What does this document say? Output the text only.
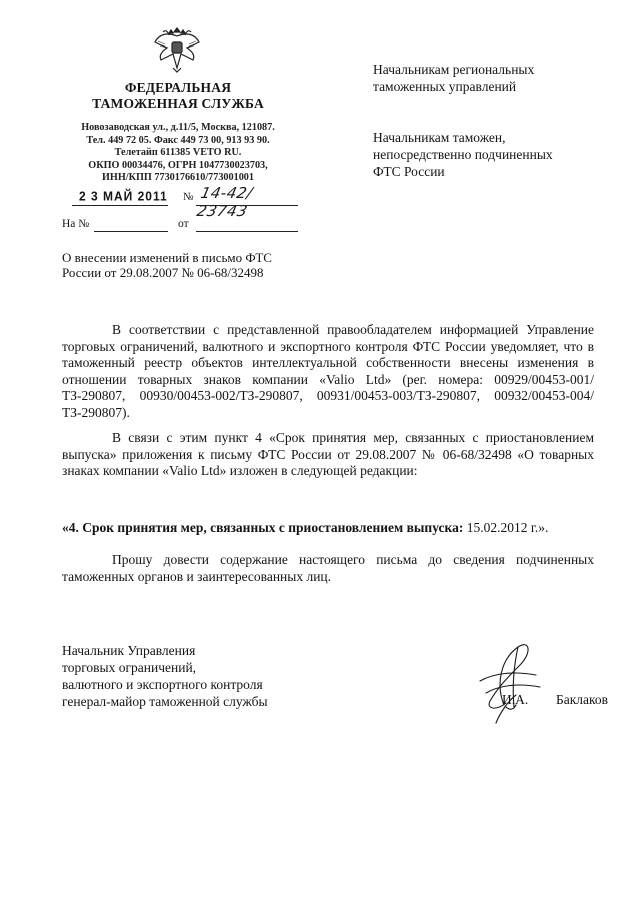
ФЕДЕРАЛЬНАЯ
ТАМОЖЕННАЯ СЛУЖБА
Новозаводская ул., д.11/5, Москва, 121087.
Тел. 449 72 05. Факс 449 73 00, 913 93 90.
Телетайп 611385 VETO RU.
ОКПО 00034476, ОГРН 1047730023703,
ИНН/КПП 7730176610/773001001
2 3 МАЙ 2011 № 14-42/ 23743
На №	от
О внесении изменений в письмо ФТС
России от 29.08.2007 № 06-68/32498
Начальникам региональных
таможенных управлений
Начальникам таможен,
непосредственно подчиненных
ФТС России

В соответствии с представленной правообладателем информацией Управление торговых ограничений, валютного и экспортного контроля ФТС России уведомляет, что в таможенный реестр объектов интеллектуальной собственности внесены изменения в отношении товарных знаков компании «Valio Ltd» (рег. номера: 00929/00453-001/ТЗ-290807, 00930/00453-002/ТЗ-290807, 00931/00453-003/ТЗ-290807, 00932/00453-004/ТЗ-290807).

В связи с этим пункт 4 «Срок принятия мер, связанных с приостановлением выпуска» приложения к письму ФТС России от 29.08.2007 № 06-68/32498 «О товарных знаках компании «Valio Ltd» изложен в следующей редакции:

«4. Срок принятия мер, связанных с приостановлением выпуска: 15.02.2012 г.».

Прошу довести содержание настоящего письма до сведения подчиненных таможенных органов и заинтересованных лиц.

Начальник Управления
торговых ограничений,
валютного и экспортного контроля
генерал-майор таможенной службы	И.А. Баклаков
